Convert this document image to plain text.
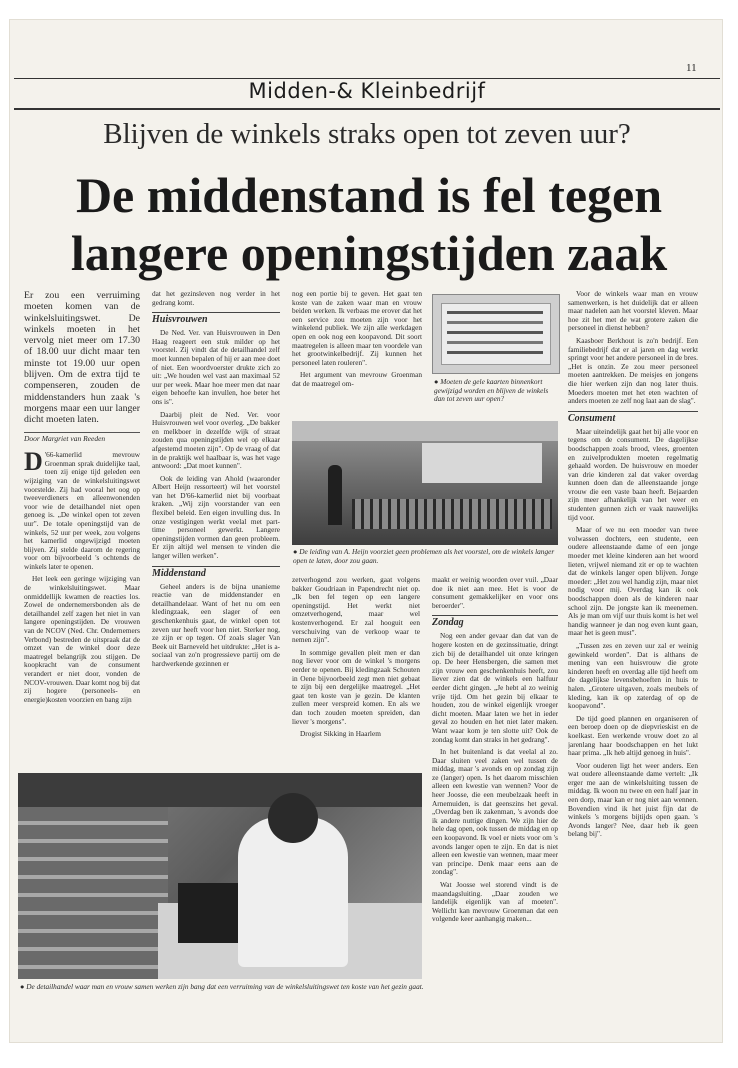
11
Midden-& Kleinbedrijf
Blijven de winkels straks open tot zeven uur?
De middenstand is fel tegen
langere openingstijden zaak

Er zou een verruiming moeten komen van de winkelsluitingswet. De winkels moeten in het vervolg niet meer om 17.30 of 18.00 uur dicht maar ten minste tot 19.00 uur open blijven. Om de extra tijd te compenseren, zouden de middenstanders hun zaak 's morgens maar een uur langer dicht moeten laten.

Door Margriet van Reeden

D '66-kamerlid mevrouw Groenman sprak duidelijke taal, toen zij enige tijd geleden een wijziging van de winkelsluitingswet voorstelde. Zij had vooral het oog op tweeverdieners en alleenwonenden voor wie de detailhandel niet open genoeg is. „De winkel open tot zeven uur". De totale openingstijd van de winkels, 52 uur per week, zou volgens het kamerlid ongewijzigd moeten blijven. Zij stelde daarom de regering voor om bijvoorbeeld 's ochtends de winkels later te openen.

Het leek een geringe wijziging van de winkelsluitingswet. Maar onmiddellijk kwamen de reacties los. Zowel de ondernemersbonden als de detailhandel zelf zagen het niet in van langere openingstijden. De vrouwen van de NCOV (Ned. Chr. Ondernemers Verbond) bestreden de uitspraak dat de omzet van de winkel door deze maatregel belangrijk zou stijgen. De koopkracht van de consument verandert er niet door, vonden de NCOV-vrouwen. Daar komt nog bij dat zij hogere (personeels- en energie)kosten voorzien en bang zijn

dat het gezinsleven nog verder in het gedrang komt.

Huisvrouwen

De Ned. Ver. van Huisvrouwen in Den Haag reageert een stuk milder op het voorstel. Zij vindt dat de detailhandel zelf moet kunnen bepalen of hij er aan mee doet of niet. Een woordvoerster drukte zich zo uit: „We houden wel vast aan maximaal 52 uur per week. Maar hoe meer men dat naar eigen behoefte kan invullen, hoe beter het ons is".

Daarbij pleit de Ned. Ver. voor Huisvrouwen wel voor overleg. „De bakker en melkboer in dezelfde wijk of straat zouden qua openingstijden wel op elkaar afgestemd moeten zijn". Op de vraag of dat in de praktijk wel haalbaar is, was het vage antwoord: „Dat moet kunnen".

Ook de leiding van Ahold (waaronder Albert Heijn ressorteert) wil het voorstel van het D'66-kamerlid niet bij voorbaat kraken. „Wij zijn voorstander van een flexibel beleid. Een eigen invulling dus. In onze vestigingen werkt veelal met part-time personeel gewerkt. Langere openingstijden vormen dan geen probleem. Er zijn altijd wel mensen te vinden die langer willen werken".

Middenstand

Geheel anders is de bijna unanieme reactie van de middenstander en detailhandelaar. Want of het nu om een kledingzaak, een slager of een geschenkenhuis gaat, de winkel open tot zeven uur heeft voor hen niet. Sterker nog, ze zijn er op tegen. Of zoals slager Van Beek uit Barneveld het uitdrukte: „Het is a-sociaal van zo'n progressieve partij om de hardwerkende gezinnen er

nog een portie bij te geven. Het gaat ten koste van de zaken waar man en vrouw beiden werken. Ik verbaas me erover dat het een service zou moeten zijn voor het winkelend publiek. We zijn alle werkdagen open en ook nog een koopavond. Dit soort maatregelen is alleen maar ten voordele van het grootwinkelbedrijf. Zij kunnen het personeel laten rouleren".

Het argument van mevrouw Groenman dat de maatregel om-	● Moeten de gele kaarten binnenkort gewijzigd worden en blijven de winkels dan tot zeven uur open?
● De leiding van A. Heijn voorziet geen problemen als het voorstel, om de winkels langer open te laten, door zou gaan.

zetverhogend zou werken, gaat volgens bakker Goudriaan in Papendrecht niet op. „Ik ben fel tegen op een langere openingstijd. Het werkt niet omzetverhogend, maar wel kostenverhogend. Er zal hooguit een verschuiving van de verkoop waar te nemen zijn".

In sommige gevallen pleit men er dan nog liever voor om de winkel 's morgens eerder te openen. Bij kledingzaak Schouten in Oene bijvoorbeeld zegt men niet gebaat te zijn bij een dergelijke maatregel. „Het gaat ten koste van je gezin. De klanten zullen meer verspreid komen. En als we dan toch zouden moeten spreiden, dan liever 's morgens".

Drogist Sikking in Haarlem

maakt er weinig woorden over vuil. „Daar doe ik niet aan mee. Het is voor de consument gemakkelijker en voor ons beroerder".

Zondag

Nog een ander gevaar dan dat van de hogere kosten en de gezinssituatie, dringt zich bij de detailhandel uit onze kringen op. De heer Hensbergen, die samen met zijn vrouw een geschenkenhuis heeft, zou liever zien dat de winkels een halfuur eerder dicht gingen. „Je hebt al zo weinig vrije tijd. Om het gezin bij elkaar te houden, zou de winkel eigenlijk vroeger dicht moeten. Maar laten we het in ieder geval zo houden en het niet later maken. Want waar kom je ten slotte uit? Ook de zondag komt dan straks in het gedrang".

In het buitenland is dat veelal al zo. Daar sluiten veel zaken wel tussen de middag, maar 's avonds en op zondag zijn ze (langer) open. Is het daarom misschien alleen een kwestie van wennen? Voor de heer Joosse, die een meubelzaak heeft in Arnemuiden, is dat geenszins het geval. „Overdag ben ik zakenman, 's avonds doe ik andere nuttige dingen. We zijn hier de hele dag open, ook tussen de middag en op een koopavond. Ik voel er niets voor om 's avonds langer open te zijn. En dat is niet alleen een kwestie van wennen, maar meer van principe. Denk maar eens aan de zondag".

Wat Joosse wel storend vindt is de maandagsluiting. „Daar zouden we landelijk eigenlijk van af moeten". Wellicht kan mevrouw Groenman dat een volgende keer aanhangig maken...

Voor de winkels waar man en vrouw samenwerken, is het duidelijk dat er alleen maar nadelen aan het voorstel kleven. Maar hoe zit het met de wat grotere zaken die personeel in dienst hebben?

Kaasboer Berkhout is zo'n bedrijf. Een familiebedrijf dat er al jaren en dag werkt springt voor het andere personeel in de bres. „Het is onzin. Ze zou meer personeel moeten aantrekken. De meisjes en jongens die hier werken zijn dan nog later thuis. Moeders moeten met het eten wachten of anders moeten ze zelf nog laat aan de slag".

Consument

Maar uiteindelijk gaat het bij alle voor en tegens om de consument. De dagelijkse boodschappen zoals brood, vlees, groenten en zuivelprodukten moeten regelmatig gehaald worden. De huisvrouw en moeder van drie kinderen zal dat vaker overdag kunnen doen dan de alleenstaande jonge vrouw die een vaste baan heeft. Bejaarden zijn meer afhankelijk van het weer en studenten gunnen zich er vaak nauwelijks tijd voor.

Maar of we nu een moeder van twee volwassen dochters, een studente, een oudere alleenstaande dame of een jonge moeder met kleine kinderen aan het woord lieten, vrijwel niemand zit er op te wachten dat de winkels langer open blijven. Jonge moeder: „Het zou wel handig zijn, maar niet nodig voor mij. Overdag kan ik ook boodschappen doen als de kinderen naar school zijn. De jongste kan ik meenemen. Als je man om vijf uur thuis komt is het wel handig wanneer je dan nog even kunt gaan, maar het is geen must".

„Tussen zes en zeven uur zal er weinig gewinkeld worden". Dat is althans de mening van een huisvrouw die grote kinderen heeft en overdag alle tijd heeft om de dagelijkse levensbehoeften in huis te halen. „Grotere uitgaven, zoals meubels of kleding, kan ik op zaterdag of op de koopavond".

De tijd goed plannen en organiseren of een beroep doen op de diepvrieskist en de koelkast. Een werkende vrouw doet zo al jarenlang haar boodschappen en het lukt haar prima. „Ik heb altijd genoeg in huis".

Voor ouderen ligt het weer anders. Een wat oudere alleenstaande dame vertelt: „Ik erger me aan de winkelsluiting tussen de middag. Ik woon nu twee en een half jaar in een dorp, maar kan er nog niet aan wennen. Bovendien vind ik het juist fijn dat de winkels 's morgens bijtijds open gaan. 's Avonds langer? Nee, daar heb ik geen belang bij".

● De detailhandel waar man en vrouw samen werken zijn bang dat een verruiming van de winkelsluitingswet ten koste van het gezin gaat.
